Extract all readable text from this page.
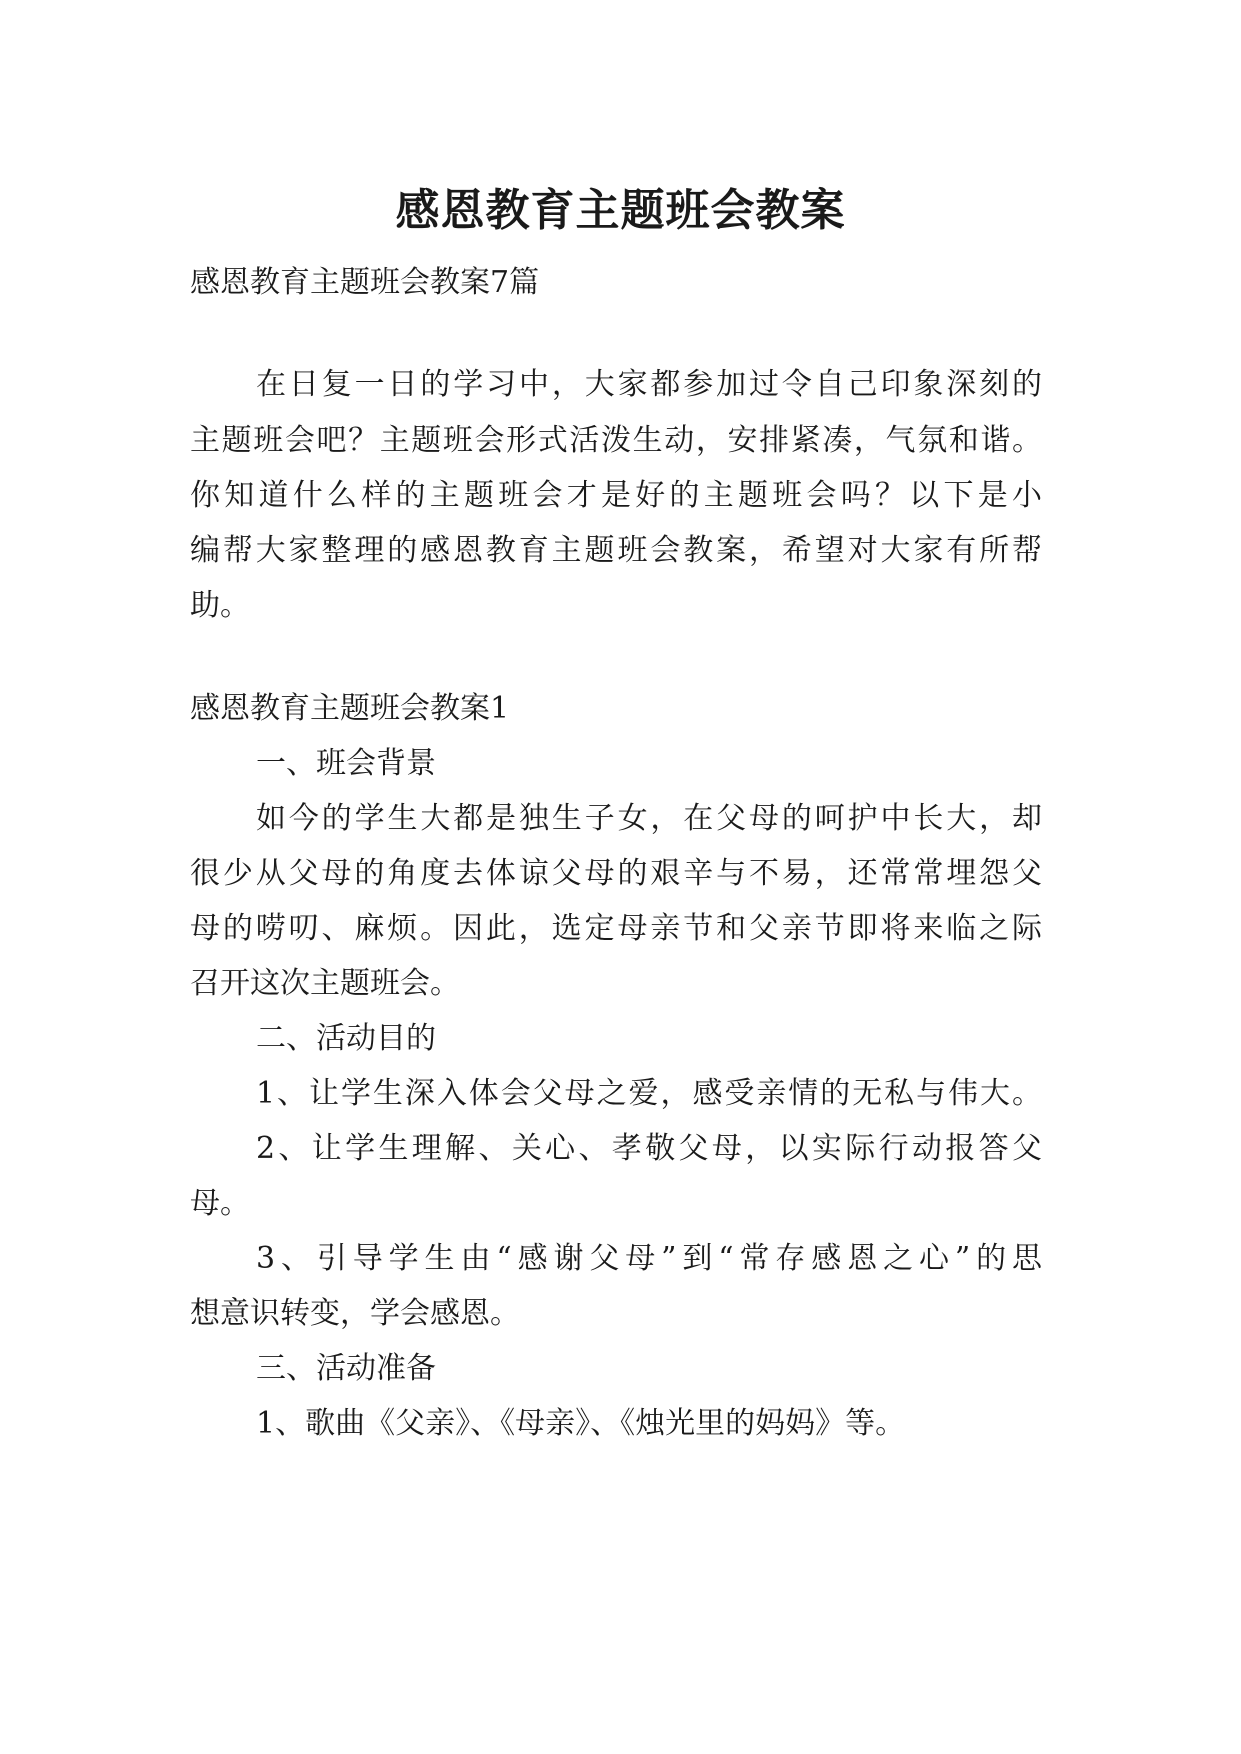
感恩教育主题班会教案

感恩教育主题班会教案7篇

在日复一日的学习中，大家都参加过令自己印象深刻的

主题班会吧？主题班会形式活泼生动，安排紧凑，气氛和谐。

你知道什么样的主题班会才是好的主题班会吗？以下是小

编帮大家整理的感恩教育主题班会教案，希望对大家有所帮

助。

感恩教育主题班会教案1

一、班会背景

如今的学生大都是独生子女，在父母的呵护中长大，却

很少从父母的角度去体谅父母的艰辛与不易，还常常埋怨父

母的唠叨、麻烦。因此，选定母亲节和父亲节即将来临之际

召开这次主题班会。

二、活动目的

1、让学生深入体会父母之爱，感受亲情的无私与伟大。

2、让学生理解、关心、孝敬父母，以实际行动报答父

母。

3、引导学生由“感谢父母”到“常存感恩之心”的思

想意识转变，学会感恩。

三、活动准备

1、歌曲《父亲》、《母亲》、《烛光里的妈妈》等。
